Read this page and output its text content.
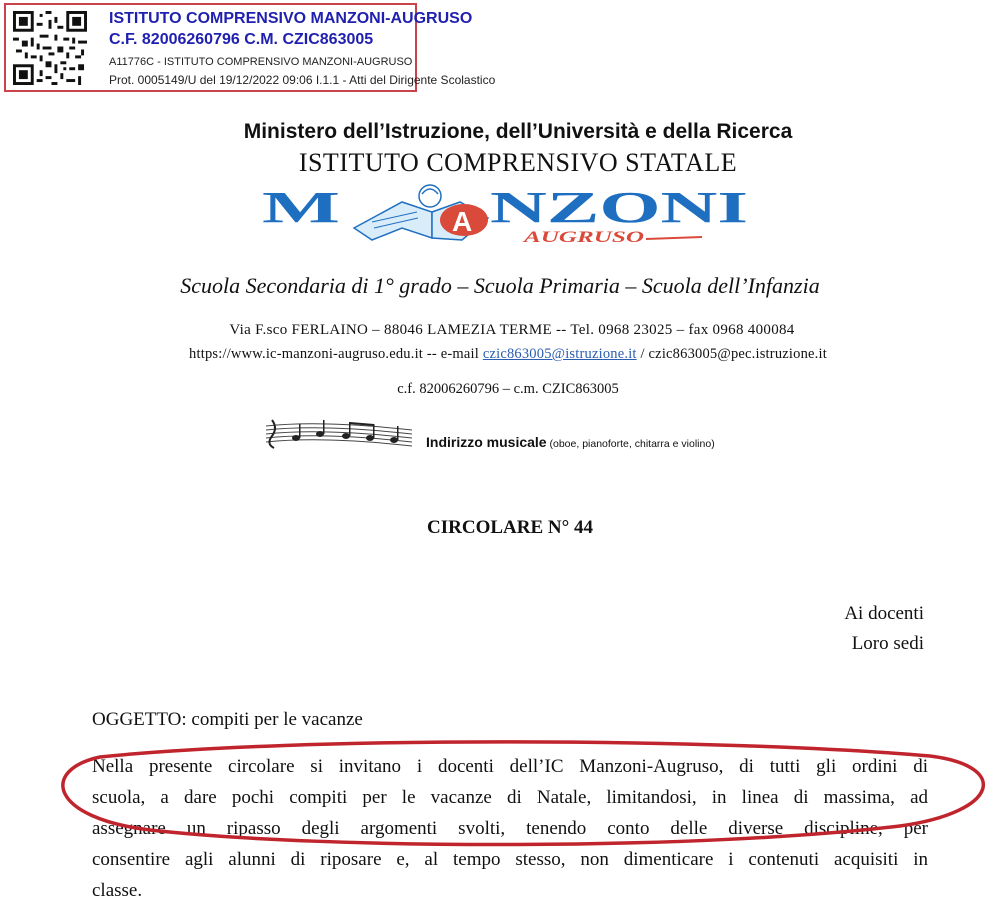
ISTITUTO COMPRENSIVO MANZONI-AUGRUSO
C.F. 82006260796 C.M. CZIC863005
A11776C - ISTITUTO COMPRENSIVO MANZONI-AUGRUSO
Prot. 0005149/U del 19/12/2022 09:06 I.1.1 - Atti del Dirigente Scolastico
Ministero dell’Istruzione, dell’Università e della Ricerca
ISTITUTO COMPRENSIVO STATALE
M	A NZONI
AUGRUSO
Scuola Secondaria di 1° grado – Scuola Primaria – Scuola dell’Infanzia
Via F.sco FERLAINO – 88046 LAMEZIA TERME -- Tel. 0968 23025 – fax 0968 400084
https://www.ic-manzoni-augruso.edu.it -- e-mail czic863005@istruzione.it / czic863005@pec.istruzione.it
c.f. 82006260796 – c.m. CZIC863005
Indirizzo musicale (oboe, pianoforte, chitarra e violino)
CIRCOLARE N° 44
Ai docenti
Loro sedi
OGGETTO: compiti per le vacanze
Nella presente circolare si invitano i docenti dell’IC Manzoni-Augruso, di tutti gli ordini di
scuola, a dare pochi compiti per le vacanze di Natale, limitandosi, in linea di massima, ad
assegnare un ripasso degli argomenti svolti, tenendo conto delle diverse discipline, per
consentire agli alunni di riposare e, al tempo stesso, non dimenticare i contenuti acquisiti in
classe.
